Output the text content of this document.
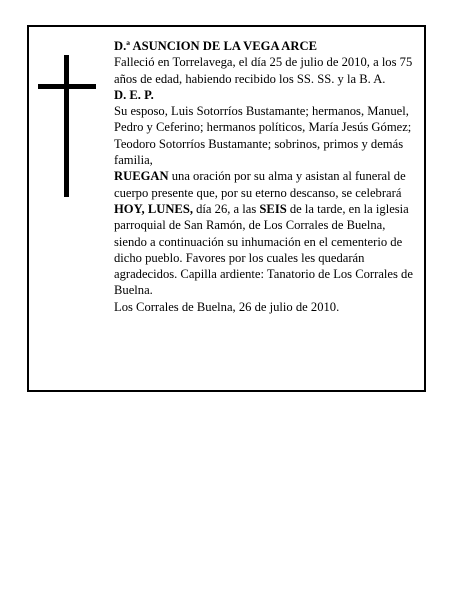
D.ª ASUNCION DE LA VEGA ARCE

Falleció en Torrelavega, el día 25 de julio de 2010, a los 75 años de edad, habiendo recibido los SS. SS. y la B. A.

D. E. P.

Su esposo, Luis Sotorríos Bustamante; hermanos, Manuel, Pedro y Ceferino; hermanos políticos, María Jesús Gómez; Teodoro Sotorríos Bustamante; sobrinos, primos y demás familia,

RUEGAN una oración por su alma y asistan al funeral de cuerpo presente que, por su eterno descanso, se celebrará HOY, LUNES, día 26, a las SEIS de la tarde, en la iglesia parroquial de San Ramón, de Los Corrales de Buelna, siendo a continuación su inhumación en el cementerio de dicho pueblo. Favores por los cuales les quedarán agradecidos. Capilla ardiente: Tanatorio de Los Corrales de Buelna.

Los Corrales de Buelna, 26 de julio de 2010.
